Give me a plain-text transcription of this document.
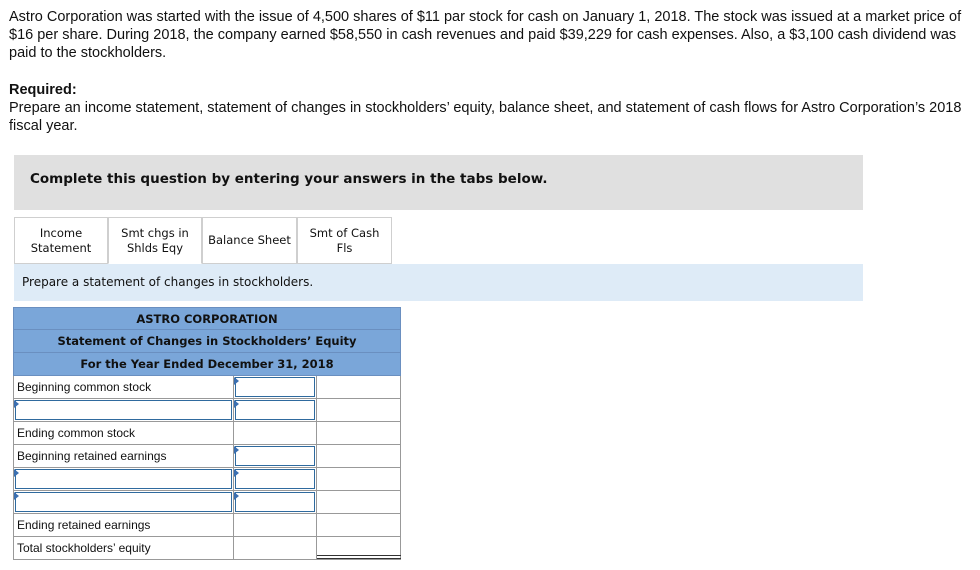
Astro Corporation was started with the issue of 4,500 shares of $11 par stock for cash on January 1, 2018. The stock was issued at a market price of $16 per share. During 2018, the company earned $58,550 in cash revenues and paid $39,229 for cash expenses. Also, a $3,100 cash dividend was paid to the stockholders.
Required:
Prepare an income statement, statement of changes in stockholders’ equity, balance sheet, and statement of cash flows for Astro Corporation’s 2018 fiscal year.
Complete this question by entering your answers in the tabs below.
Income
Statement
Smt chgs in
Shlds Eqy
Balance Sheet
Smt of Cash
Fls
Prepare a statement of changes in stockholders.
ASTRO CORPORATION
Statement of Changes in Stockholders’ Equity
For the Year Ended December 31, 2018
Beginning common stock
Ending common stock
Beginning retained earnings
Ending retained earnings
Total stockholders’ equity
